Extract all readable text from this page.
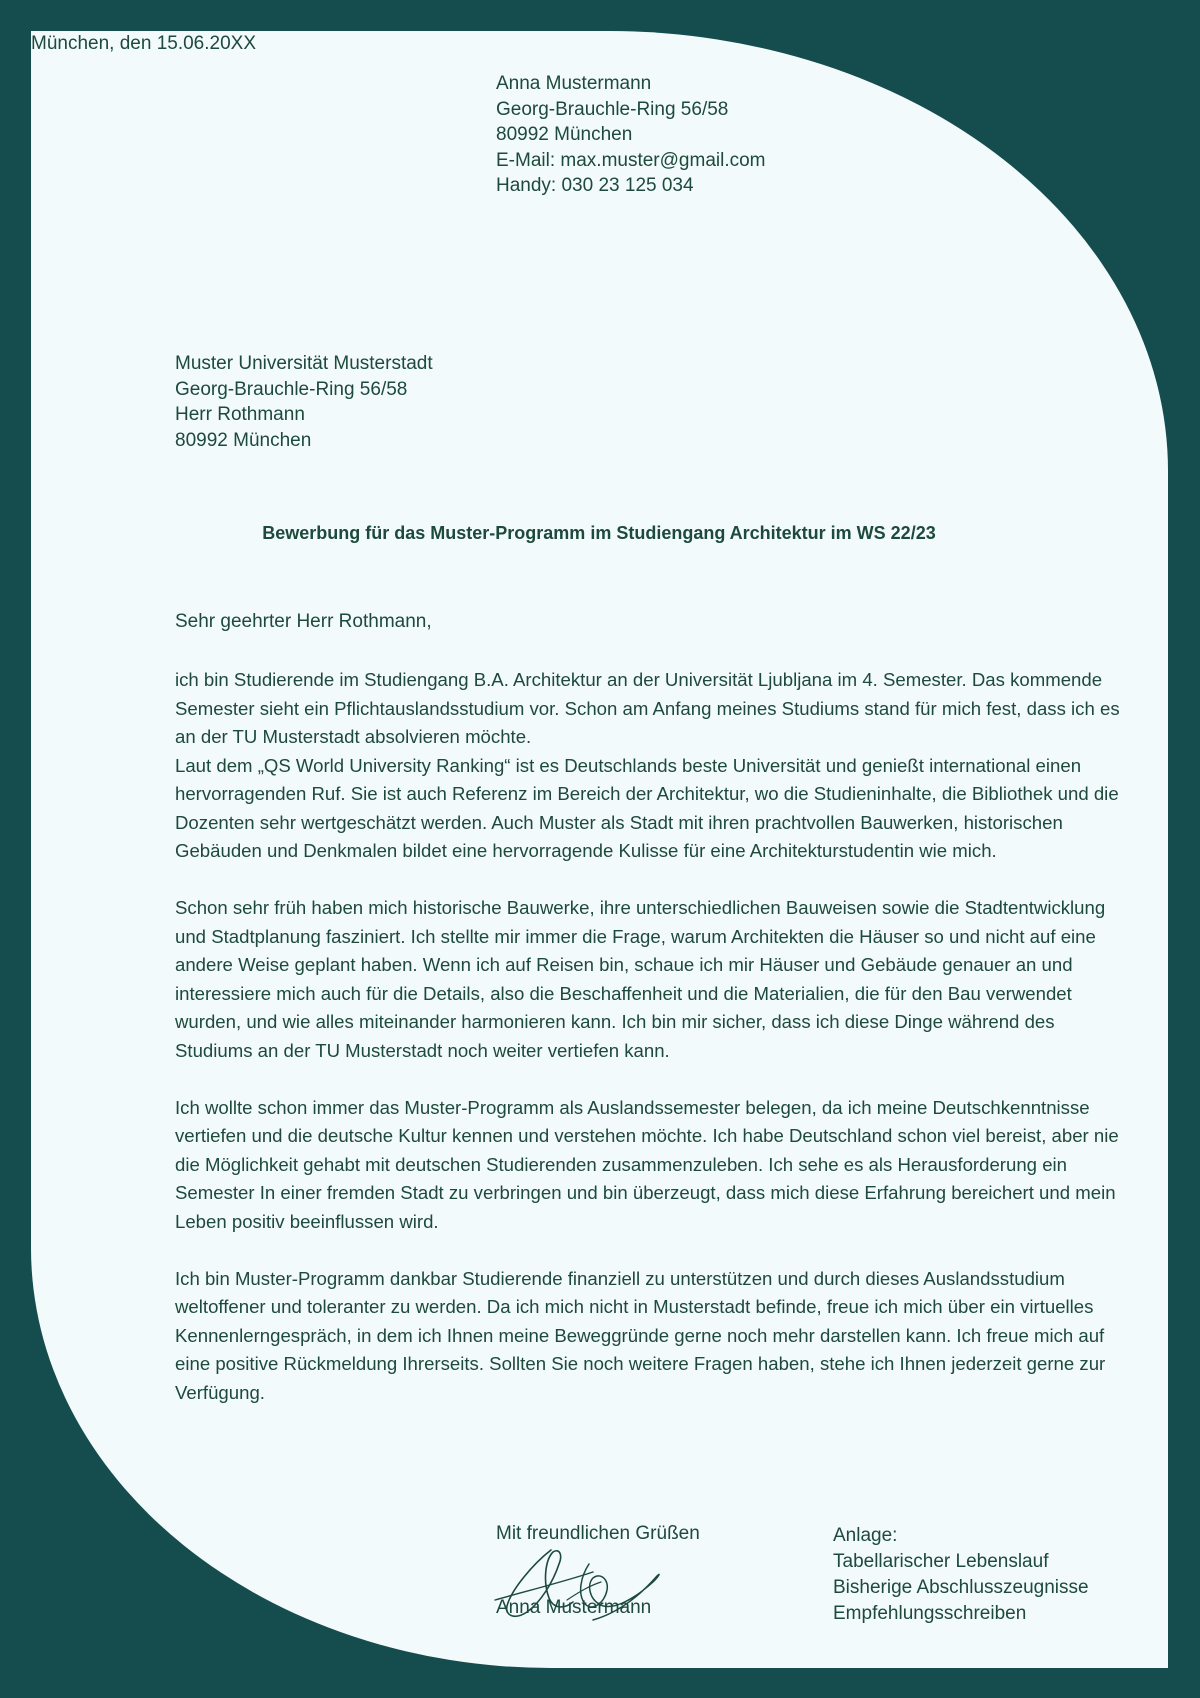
Anna Mustermann
Georg-Brauchle-Ring 56/58
80992 München
E-Mail: max.muster@gmail.com
Handy: 030 23 125 034
Muster Universität Musterstadt
Georg-Brauchle-Ring 56/58
Herr Rothmann
80992 München
München, den 15.06.20XX
Bewerbung für das Muster-Programm im Studiengang Architektur im WS 22/23
Sehr geehrter Herr Rothmann,

ich bin Studierende im Studiengang B.A. Architektur an der Universität Ljubljana im 4. Semester. Das kommende Semester sieht ein Pflichtauslandsstudium vor. Schon am Anfang meines Studiums stand für mich fest, dass ich es an der TU Musterstadt absolvieren möchte.

Laut dem „QS World University Ranking“ ist es Deutschlands beste Universität und genießt international einen hervorragenden Ruf. Sie ist auch Referenz im Bereich der Architektur, wo die Studieninhalte, die Bibliothek und die Dozenten sehr wertgeschätzt werden. Auch Muster als Stadt mit ihren prachtvollen Bauwerken, historischen Gebäuden und Denkmalen bildet eine hervorragende Kulisse für eine Architekturstudentin wie mich.

Schon sehr früh haben mich historische Bauwerke, ihre unterschiedlichen Bauweisen sowie die Stadtentwicklung und Stadtplanung fasziniert. Ich stellte mir immer die Frage, warum Architekten die Häuser so und nicht auf eine andere Weise geplant haben. Wenn ich auf Reisen bin, schaue ich mir Häuser und Gebäude genauer an und interessiere mich auch für die Details, also die Beschaffenheit und die Materialien, die für den Bau verwendet wurden, und wie alles miteinander harmonieren kann. Ich bin mir sicher, dass ich diese Dinge während des Studiums an der TU Musterstadt noch weiter vertiefen kann.

Ich wollte schon immer das Muster-Programm als Auslandssemester belegen, da ich meine Deutschkenntnisse vertiefen und die deutsche Kultur kennen und verstehen möchte. Ich habe Deutschland schon viel bereist, aber nie die Möglichkeit gehabt mit deutschen Studierenden zusammenzuleben. Ich sehe es als Herausforderung ein Semester In einer fremden Stadt zu verbringen und bin überzeugt, dass mich diese Erfahrung bereichert und mein Leben positiv beeinflussen wird.

Ich bin Muster-Programm dankbar Studierende finanziell zu unterstützen und durch dieses Auslandsstudium weltoffener und toleranter zu werden. Da ich mich nicht in Musterstadt befinde, freue ich mich über ein virtuelles Kennenlerngespräch, in dem ich Ihnen meine Beweggründe gerne noch mehr darstellen kann. Ich freue mich auf eine positive Rückmeldung Ihrerseits. Sollten Sie noch weitere Fragen haben, stehe ich Ihnen jederzeit gerne zur Verfügung.

Mit freundlichen Grüßen
Anna Mustermann
Anlage:
Tabellarischer Lebenslauf
Bisherige Abschlusszeugnisse
Empfehlungsschreiben
